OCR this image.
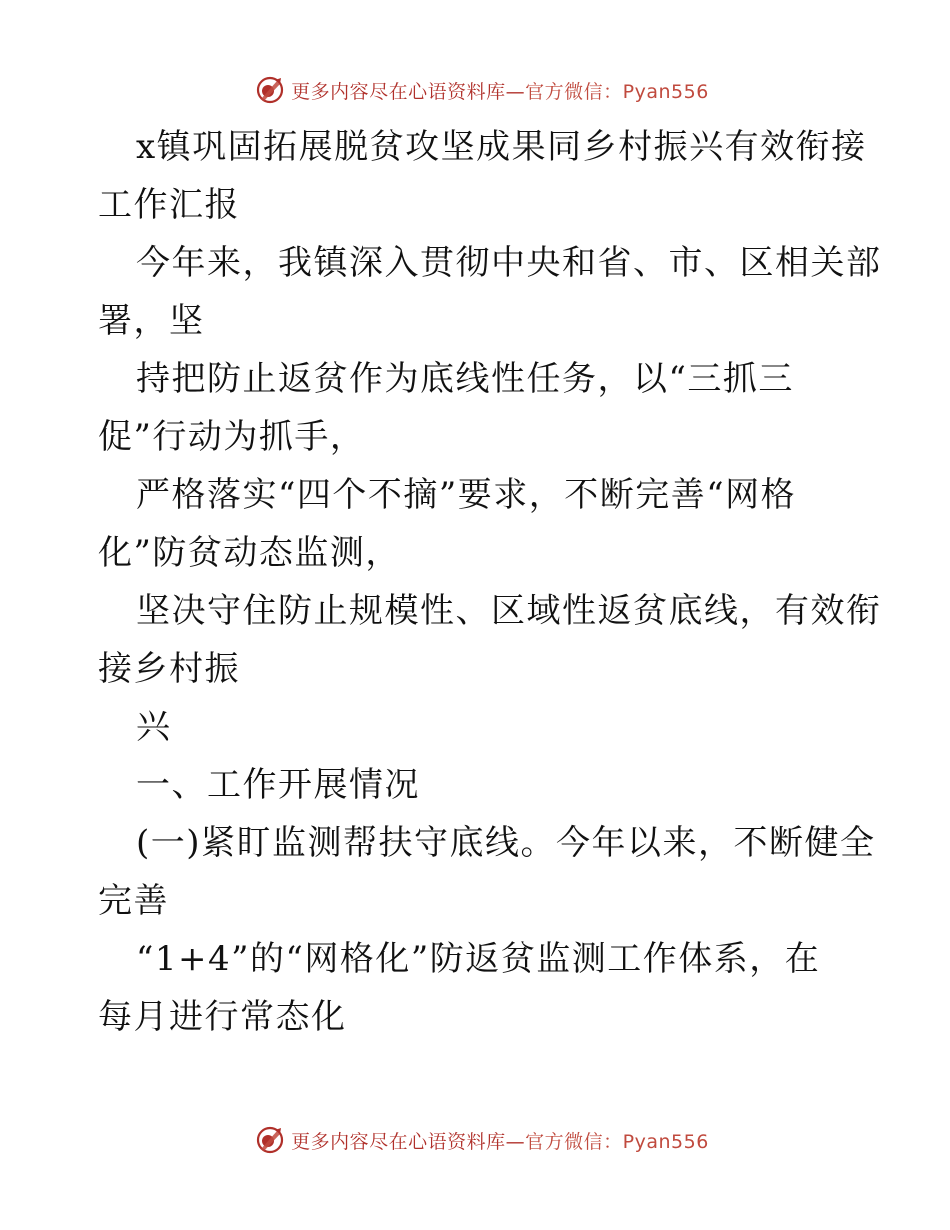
更多内容尽在心语资料库—官方微信：Pyan556
x镇巩固拓展脱贫攻坚成果同乡村振兴有效衔接
工作汇报
今年来，我镇深入贯彻中央和省、市、区相关部
署，坚
持把防止返贫作为底线性任务，以“三抓三
促”行动为抓手，
严格落实“四个不摘”要求，不断完善“网格
化”防贫动态监测，
坚决守住防止规模性、区域性返贫底线，有效衔
接乡村振
兴
一、工作开展情况
(一)紧盯监测帮扶守底线。今年以来，不断健全
完善
“1+4”的“网格化”防返贫监测工作体系，在
每月进行常态化
更多内容尽在心语资料库—官方微信：Pyan556
